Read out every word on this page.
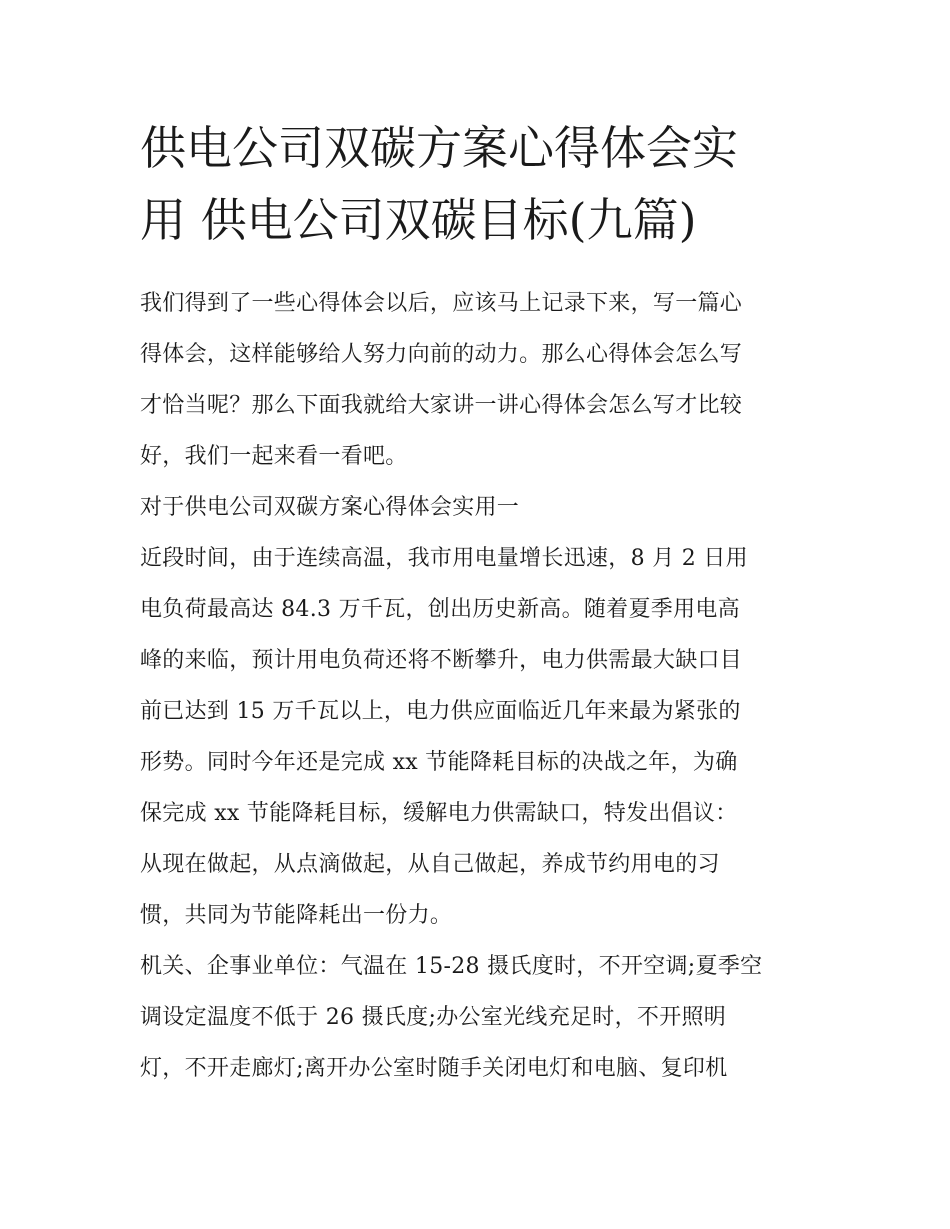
供电公司双碳方案心得体会实
用 供电公司双碳目标(九篇)
我们得到了一些心得体会以后，应该马上记录下来，写一篇心
得体会，这样能够给人努力向前的动力。那么心得体会怎么写
才恰当呢？那么下面我就给大家讲一讲心得体会怎么写才比较
好，我们一起来看一看吧。
对于供电公司双碳方案心得体会实用一
近段时间，由于连续高温，我市用电量增长迅速，8 月 2 日用
电负荷最高达 84.3 万千瓦，创出历史新高。随着夏季用电高
峰的来临，预计用电负荷还将不断攀升，电力供需最大缺口目
前已达到 15 万千瓦以上，电力供应面临近几年来最为紧张的
形势。同时今年还是完成 xx 节能降耗目标的决战之年，为确
保完成 xx 节能降耗目标，缓解电力供需缺口，特发出倡议：
从现在做起，从点滴做起，从自己做起，养成节约用电的习
惯，共同为节能降耗出一份力。
机关、企事业单位：气温在 15-28 摄氏度时，不开空调;夏季空
调设定温度不低于 26 摄氏度;办公室光线充足时，不开照明
灯，不开走廊灯;离开办公室时随手关闭电灯和电脑、复印机
